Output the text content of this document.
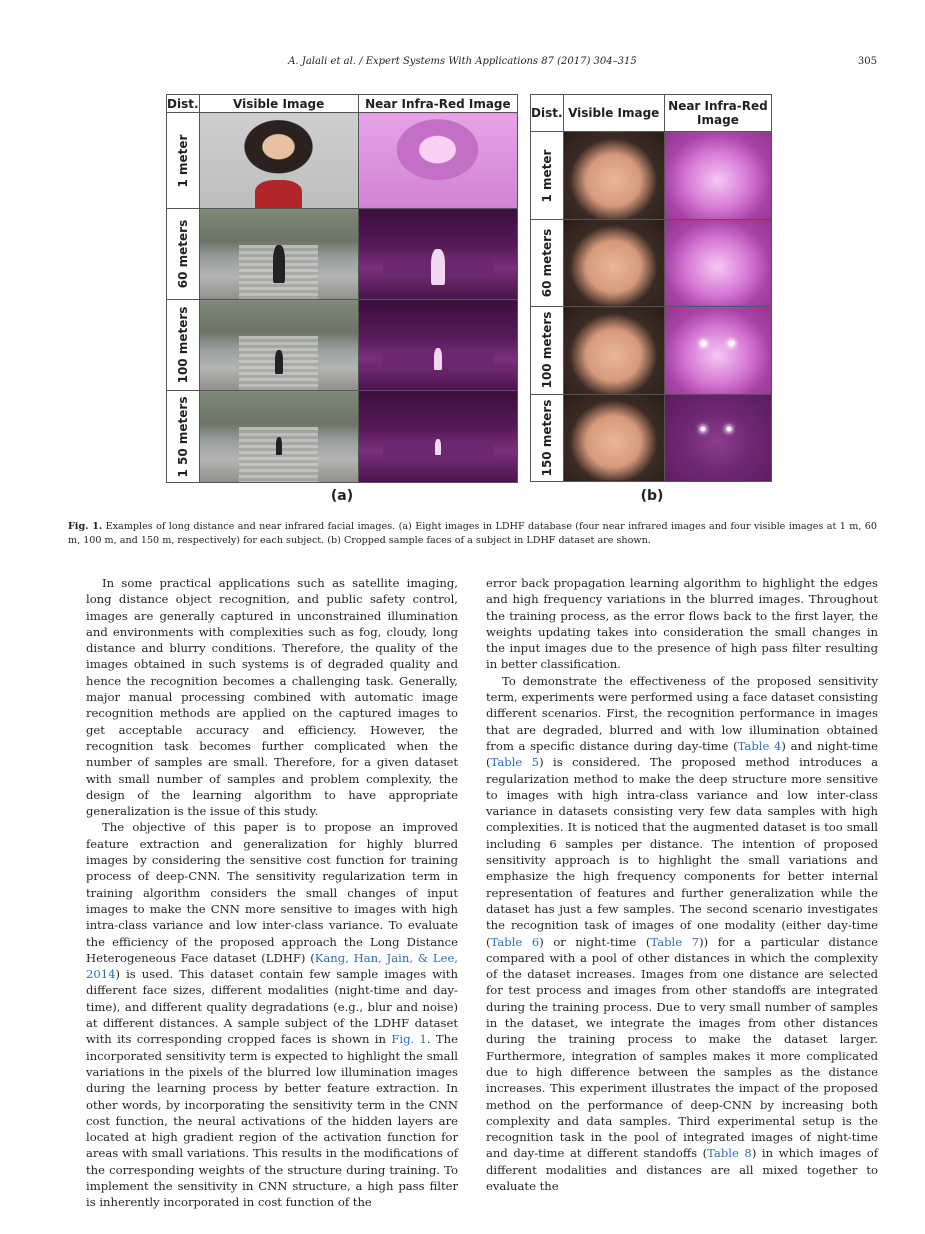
A. Jalali et al. / Expert Systems With Applications 87 (2017) 304–315	305
Dist.	Visible Image	Near Infra-Red Image

1 meter		

60 meters		

100 meters		

1 50 meters		

Dist.	Visible Image	Near Infra-Red Image

1 meter		

60 meters		

100 meters		

150 meters		

(a)	(b)
Fig. 1. Examples of long distance and near infrared facial images. (a) Eight images in LDHF database (four near infrared images and four visible images at 1 m, 60 m, 100 m, and 150 m, respectively) for each subject. (b) Cropped sample faces of a subject in LDHF dataset are shown.

In some practical applications such as satellite imaging, long distance object recognition, and public safety control, images are generally captured in unconstrained illumination and environments with complexities such as fog, cloudy, long distance and blurry conditions. Therefore, the quality of the images obtained in such systems is of degraded quality and hence the recognition becomes a challenging task. Generally, major manual processing combined with automatic image recognition methods are applied on the captured images to get acceptable accuracy and efficiency. However, the recognition task becomes further complicated when the number of samples are small. Therefore, for a given dataset with small number of samples and problem complexity, the design of the learning algorithm to have appropriate generalization is the issue of this study.

The objective of this paper is to propose an improved feature extraction and generalization for highly blurred images by considering the sensitive cost function for training process of deep-CNN. The sensitivity regularization term in training algorithm considers the small changes of input images to make the CNN more sensitive to images with high intra-class variance and low inter-class variance. To evaluate the efficiency of the proposed approach the Long Distance Heterogeneous Face dataset (LDHF) (Kang, Han, Jain, & Lee, 2014) is used. This dataset contain few sample images with different face sizes, different modalities (night-time and day-time), and different quality degradations (e.g., blur and noise) at different distances. A sample subject of the LDHF dataset with its corresponding cropped faces is shown in Fig. 1. The incorporated sensitivity term is expected to highlight the small variations in the pixels of the blurred low illumination images during the learning process by better feature extraction. In other words, by incorporating the sensitivity term in the CNN cost function, the neural activations of the hidden layers are located at high gradient region of the activation function for areas with small variations. This results in the modifications of the corresponding weights of the structure during training. To implement the sensitivity in CNN structure, a high pass filter is inherently incorporated in cost function of the

error back propagation learning algorithm to highlight the edges and high frequency variations in the blurred images. Throughout the training process, as the error flows back to the first layer, the weights updating takes into consideration the small changes in the input images due to the presence of high pass filter resulting in better classification.

To demonstrate the effectiveness of the proposed sensitivity term, experiments were performed using a face dataset consisting different scenarios. First, the recognition performance in images that are degraded, blurred and with low illumination obtained from a specific distance during day-time (Table 4) and night-time (Table 5) is considered. The proposed method introduces a regularization method to make the deep structure more sensitive to images with high intra-class variance and low inter-class variance in datasets consisting very few data samples with high complexities. It is noticed that the augmented dataset is too small including 6 samples per distance. The intention of proposed sensitivity approach is to highlight the small variations and emphasize the high frequency components for better internal representation of features and further generalization while the dataset has just a few samples. The second scenario investigates the recognition task of images of one modality (either day-time (Table 6) or night-time (Table 7)) for a particular distance compared with a pool of other distances in which the complexity of the dataset increases. Images from one distance are selected for test process and images from other standoffs are integrated during the training process. Due to very small number of samples in the dataset, we integrate the images from other distances during the training process to make the dataset larger. Furthermore, integration of samples makes it more complicated due to high difference between the samples as the distance increases. This experiment illustrates the impact of the proposed method on the performance of deep-CNN by increasing both complexity and data samples. Third experimental setup is the recognition task in the pool of integrated images of night-time and day-time at different standoffs (Table 8) in which images of different modalities and distances are all mixed together to evaluate the
